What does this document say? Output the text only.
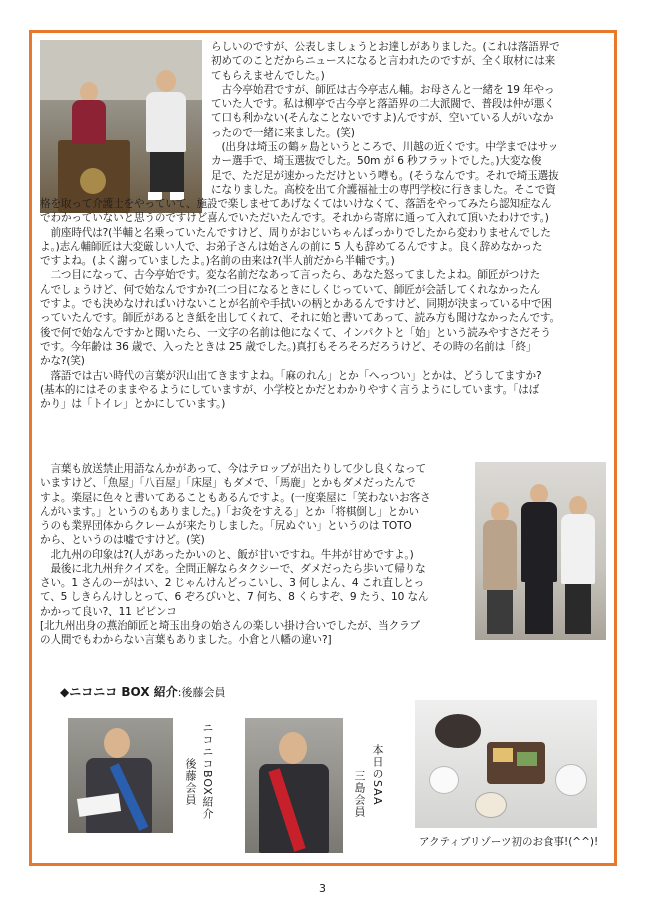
らしいのですが、公表しましょうとお達しがありました。(これは落語界で
初めてのことだからニュースになると言われたのですが、全く取材には来
てもらえませんでした。)
　古今亭始君ですが、師匠は古今亭志ん輔。お母さんと一緒を 19 年やっ
ていた人です。私は柳亭で古今亭と落語界の二大派閥で、普段は仲が悪く
て口も利かない(そんなことないですよ)んですが、空いている人がいなか
ったので一緒に来ました。(笑)
　(出身は埼玉の鶴ヶ島というところで、川越の近くです。中学まではサッ
カー選手で、埼玉選抜でした。50m が 6 秒フラットでした。)大変な俊
足で、ただ足が速かっただけという噂も。(そうなんです。それで埼玉選抜
になりました。高校を出て介護福祉士の専門学校に行きました。そこで資
格を取って介護士をやっていて、施設で楽しませてあげなくてはいけなくて、落語をやってみたら認知症なん
でわかっていないと思うのですけど喜んでいただいたんです。それから寄席に通って入れて頂いたわけです。)
　前座時代は?(半輔と名乗っていたんですけど、周りがおじいちゃんばっかりでしたから変わりませんでした
よ。)志ん輔師匠は大変厳しい人で、お弟子さんは始さんの前に 5 人も辞めてるんですよ。良く辞めなかった
ですよね。(よく謝っていましたよ。)名前の由来は?(半人前だから半輔です。)
　二つ目になって、古今亭始です。変な名前だなあって言ったら、あなた怒ってましたよね。師匠がつけた
んでしょうけど、何で始なんですか?(二つ目になるときにしくじっていて、師匠が会話してくれなかったん
ですよ。でも決めなければいけないことが名前や手拭いの柄とかあるんですけど、同期が決まっている中で困
っていたんです。師匠があるとき紙を出してくれて、それに始と書いてあって、読み方も聞けなかったんです。
後で何で始なんですかと聞いたら、一文字の名前は他になくて、インパクトと「始」という読みやすさだそう
です。今年齢は 36 歳で、入ったときは 25 歳でした。)真打もそろそろだろうけど、その時の名前は「終」
かな?(笑)
　落語では古い時代の言葉が沢山出てきますよね。「麻のれん」とか「へっつい」とかは、どうしてますか?
(基本的にはそのままやるようにしていますが、小学校とかだとわかりやすく言うようにしています。「はば
かり」は「トイレ」とかにしています。)
　言葉も放送禁止用語なんかがあって、今はテロップが出たりして少し良くなって
いますけど、「魚屋」「八百屋」「床屋」もダメで、「馬鹿」とかもダメだったんで
すよ。楽屋に色々と書いてあることもあるんですよ。(一度楽屋に「笑わないお客さ
んがいます。」というのもありました。)「お灸をすえる」とか「将棋倒し」とかい
うのも業界団体からクレームが来たりしました。「尻ぬぐい」というのは TOTO
から、というのは嘘ですけど。(笑)
　北九州の印象は?(人があったかいのと、飯が甘いですね。牛丼が甘めですよ。)
　最後に北九州弁クイズを。全問正解ならタクシーで、ダメだったら歩いて帰りな
さい。1 さんのーがはい、2 じゃんけんどっこいし、3 何しよん、4 これ直しとっ
て、5 しきらんけしとって、6 ぞろびいと、7 何ち、8 くらすぞ、9 たう、10 なん
かかって良い?、11 ピピンコ
[北九州出身の燕治師匠と埼玉出身の始さんの楽しい掛け合いでしたが、当クラブ
の人間でもわからない言葉もありました。小倉と八幡の違い?]
◆ニコニコ BOX 紹介:後藤会員
ニコニコBOX紹介
後藤会員	本日のSAA
三島会員
アクティブリゾーツ初のお食事!(^^)!
3
